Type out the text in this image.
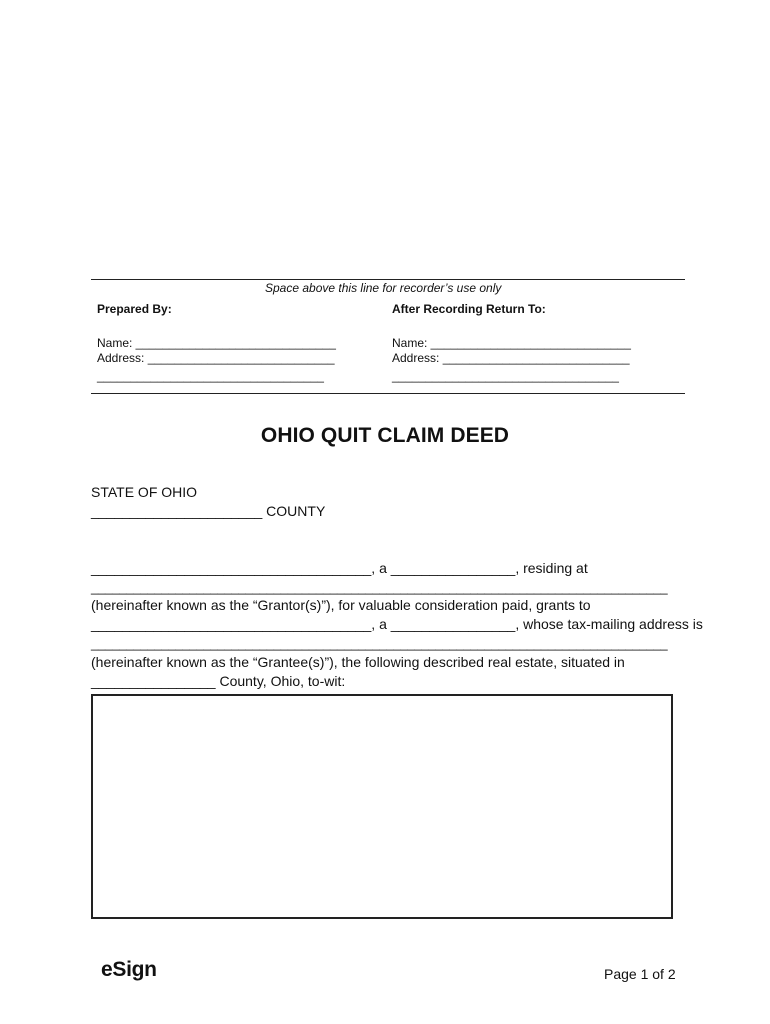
Space above this line for recorder’s use only
Prepared By:
Name: ______________________________
Address: ____________________________
__________________________________
After Recording Return To:
Name: ______________________________
Address: ____________________________
__________________________________
OHIO QUIT CLAIM DEED
STATE OF OHIO
______________________ COUNTY
____________________________________, a ________________, residing at
__________________________________________________________________________________
(hereinafter known as the “Grantor(s)”), for valuable consideration paid, grants to
____________________________________, a ________________, whose tax-mailing address is
__________________________________________________________________________________
(hereinafter known as the “Grantee(s)”), the following described real estate, situated in
________________ County, Ohio, to-wit:
eSign	Page 1 of 2
